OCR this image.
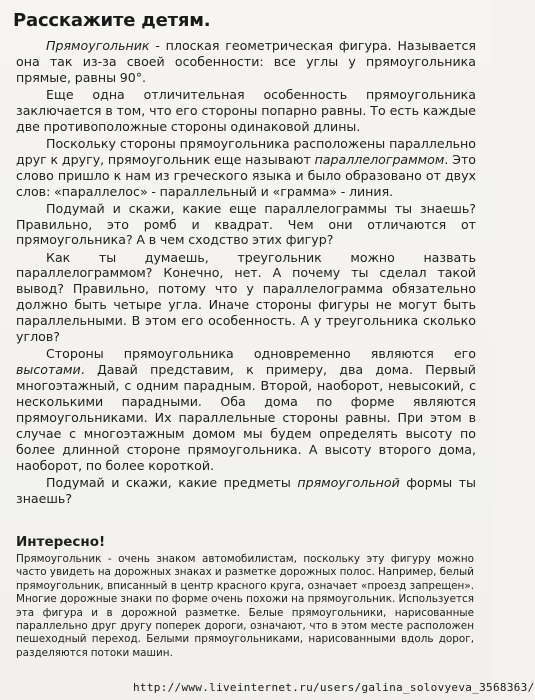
Расскажите детям.

Прямоугольник - плоская геометрическая фигура. Называется она так из-за своей особенности: все углы у прямоугольника прямые, равны 90°.

Еще одна отличительная особенность прямоугольника заключается в том, что его стороны попарно равны. То есть каждые две противоположные стороны одинаковой длины.

Поскольку стороны прямоугольника расположены параллельно друг к другу, прямоугольник еще называют параллелограммом. Это слово пришло к нам из греческого языка и было образовано от двух слов: «параллелос» - параллельный и «грамма» - линия.

Подумай и скажи, какие еще параллелограммы ты знаешь? Правильно, это ромб и квадрат. Чем они отличаются от прямоугольника? А в чем сходство этих фигур?

Как ты думаешь, треугольник можно назвать параллелограммом? Конечно, нет. А почему ты сделал такой вывод? Правильно, потому что у параллелограмма обязательно должно быть четыре угла. Иначе стороны фигуры не могут быть параллельными. В этом его особенность. А у треугольника сколько углов?

Стороны прямоугольника одновременно являются его высотами. Давай представим, к примеру, два дома. Первый многоэтажный, с одним парадным. Второй, наоборот, невысокий, с несколькими парадными. Оба дома по форме являются прямоугольниками. Их параллельные стороны равны. При этом в случае с многоэтажным домом мы будем определять высоту по более длинной стороне прямоугольника. А высоту второго дома, наоборот, по более короткой.

Подумай и скажи, какие предметы прямоугольной формы ты знаешь?

Интересно!

Прямоугольник - очень знаком автомобилистам, поскольку эту фигуру можно часто увидеть на дорожных знаках и разметке дорожных полос. Например, белый прямоугольник, вписанный в центр красного круга, означает «проезд запрещен». Многие дорожные знаки по форме очень похожи на прямоугольник. Используется эта фигура и в дорожной разметке. Белые прямоугольники, нарисованные параллельно друг другу поперек дороги, означают, что в этом месте расположен пешеходный переход. Белыми прямоугольниками, нарисованными вдоль дорог, разделяются потоки машин.

http://www.liveinternet.ru/users/galina_solovyeva_3568363/
